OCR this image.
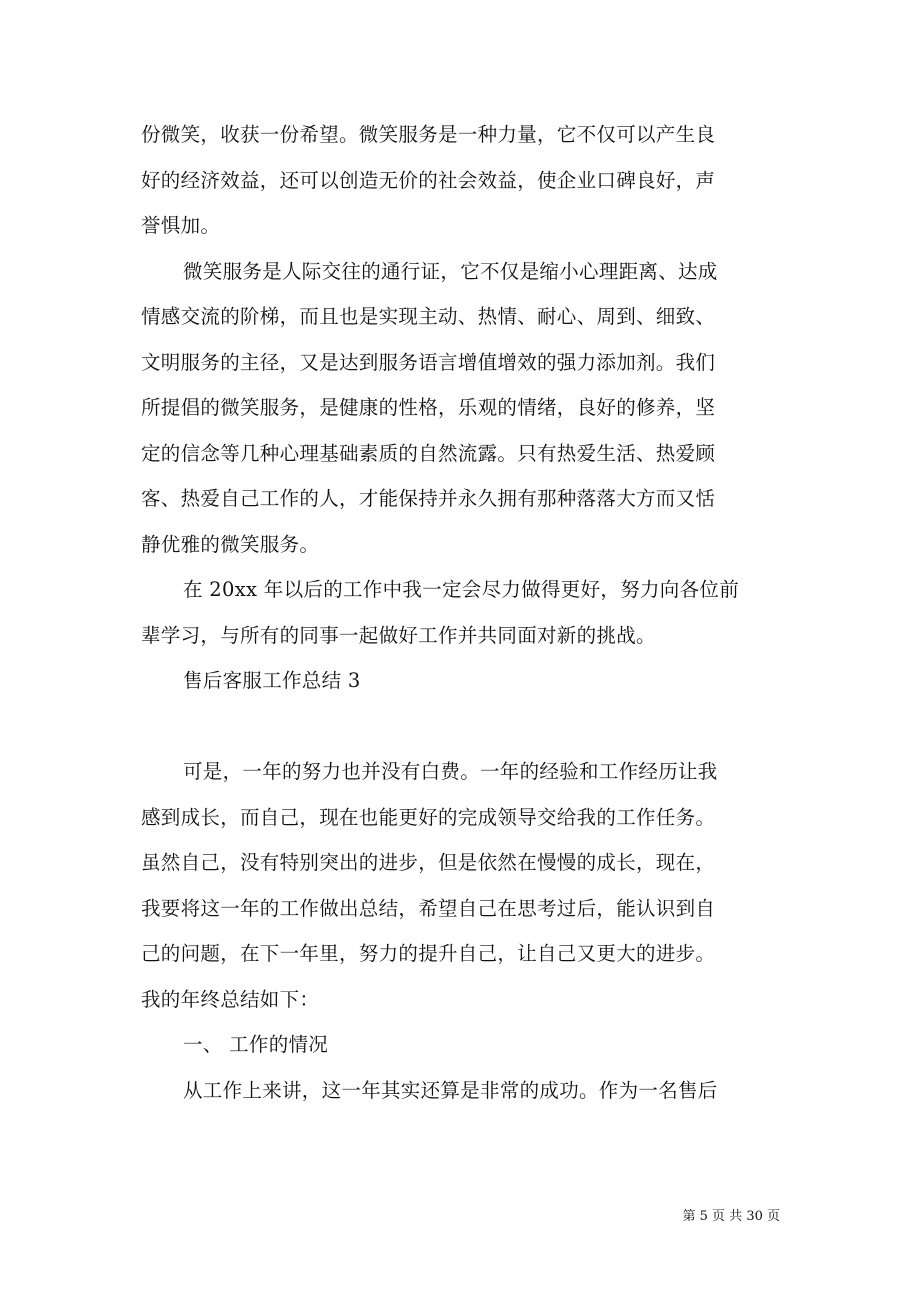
份微笑，收获一份希望。微笑服务是一种力量，它不仅可以产生良
好的经济效益，还可以创造无价的社会效益，使企业口碑良好，声
誉惧加。
微笑服务是人际交往的通行证，它不仅是缩小心理距离、达成
情感交流的阶梯，而且也是实现主动、热情、耐心、周到、细致、
文明服务的主径，又是达到服务语言增值增效的强力添加剂。我们
所提倡的微笑服务，是健康的性格，乐观的情绪，良好的修养，坚
定的信念等几种心理基础素质的自然流露。只有热爱生活、热爱顾
客、热爱自己工作的人，才能保持并永久拥有那种落落大方而又恬
静优雅的微笑服务。
在 20xx 年以后的工作中我一定会尽力做得更好，努力向各位前
辈学习，与所有的同事一起做好工作并共同面对新的挑战。
售后客服工作总结 3
可是，一年的努力也并没有白费。一年的经验和工作经历让我
感到成长，而自己，现在也能更好的完成领导交给我的工作任务。
虽然自己，没有特别突出的进步，但是依然在慢慢的成长，现在，
我要将这一年的工作做出总结，希望自己在思考过后，能认识到自
己的问题，在下一年里，努力的提升自己，让自己又更大的进步。
我的年终总结如下：
一、 工作的情况
从工作上来讲，这一年其实还算是非常的成功。作为一名售后
第 5 页 共 30 页
